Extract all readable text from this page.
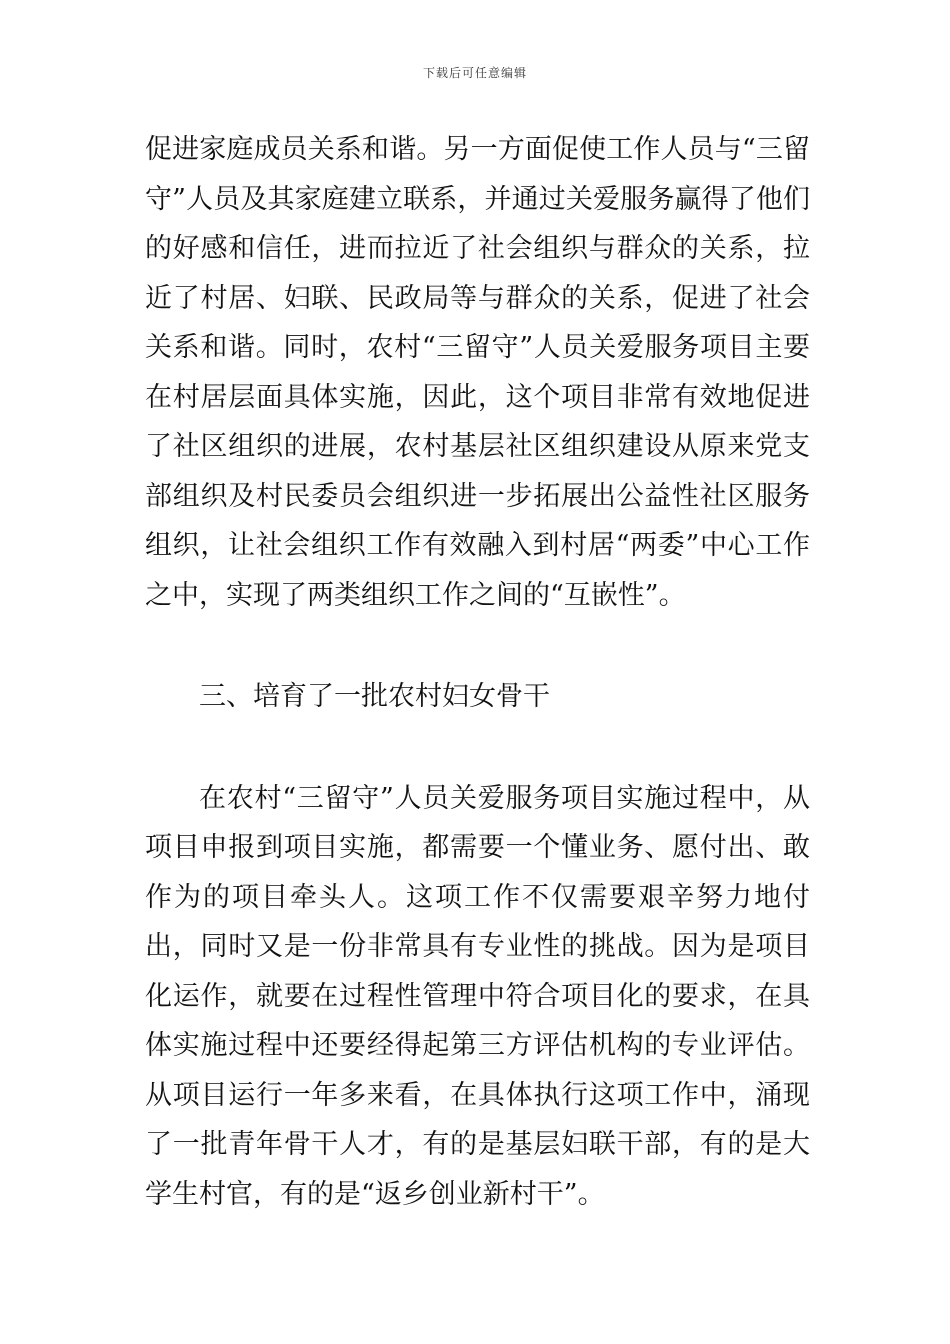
下载后可任意编辑

促进家庭成员关系和谐。另一方面促使工作人员与“三留守”人员及其家庭建立联系，并通过关爱服务赢得了他们的好感和信任，进而拉近了社会组织与群众的关系，拉近了村居、妇联、民政局等与群众的关系，促进了社会关系和谐。同时，农村“三留守”人员关爱服务项目主要在村居层面具体实施，因此，这个项目非常有效地促进了社区组织的进展，农村基层社区组织建设从原来党支部组织及村民委员会组织进一步拓展出公益性社区服务组织，让社会组织工作有效融入到村居“两委”中心工作之中，实现了两类组织工作之间的“互嵌性”。

三、培育了一批农村妇女骨干

在农村“三留守”人员关爱服务项目实施过程中，从项目申报到项目实施，都需要一个懂业务、愿付出、敢作为的项目牵头人。这项工作不仅需要艰辛努力地付出，同时又是一份非常具有专业性的挑战。因为是项目化运作，就要在过程性管理中符合项目化的要求，在具体实施过程中还要经得起第三方评估机构的专业评估。从项目运行一年多来看，在具体执行这项工作中，涌现了一批青年骨干人才，有的是基层妇联干部，有的是大学生村官，有的是“返乡创业新村干”。
